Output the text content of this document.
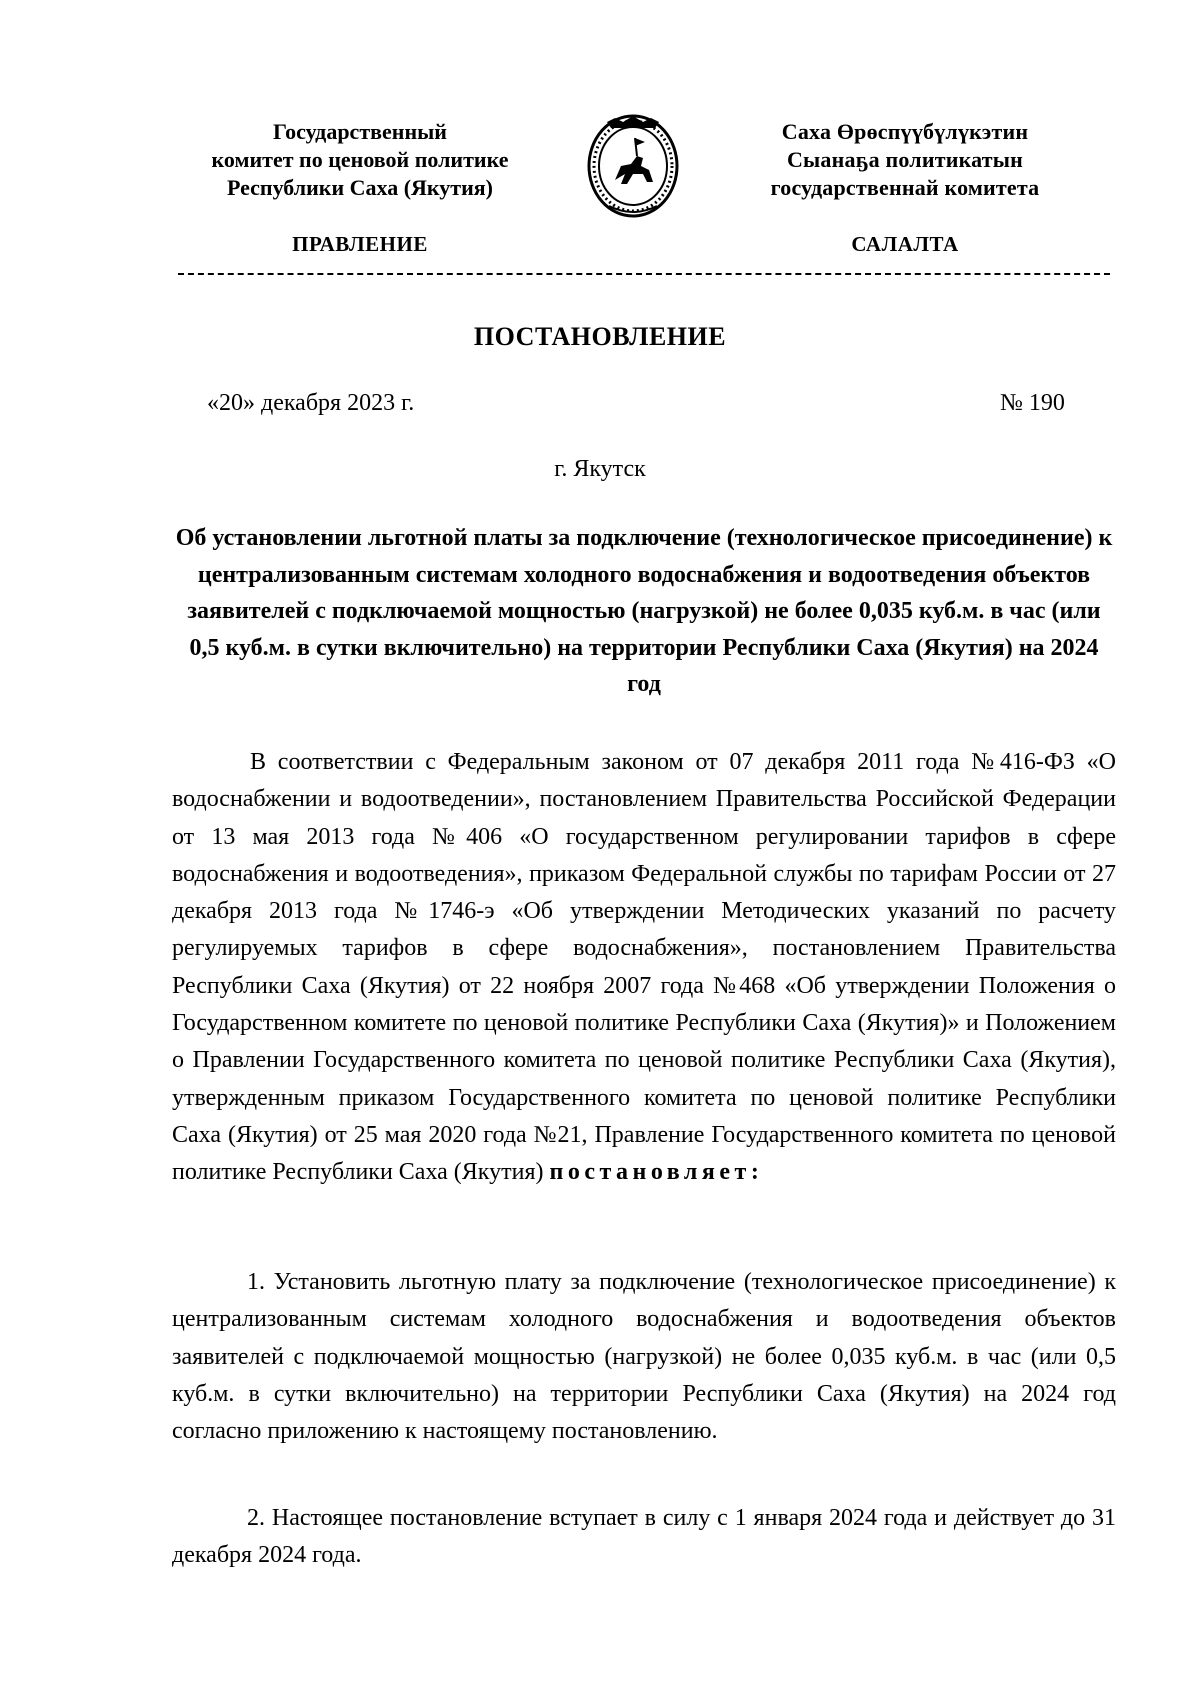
Государственный
комитет по ценовой политике
Республики Саха (Якутия)
Саха Өрөспүүбүлүкэтин
Сыанаҕа политикатын
государственнай комитета
ПРАВЛЕНИЕ	САЛАЛТА
ПОСТАНОВЛЕНИЕ
«20» декабря 2023 г.	№ 190
г. Якутск
Об установлении льготной платы за подключение (технологическое присоединение) к централизованным системам холодного водоснабжения и водоотведения объектов заявителей с подключаемой мощностью (нагрузкой) не более 0,035 куб.м. в час (или 0,5 куб.м. в сутки включительно) на территории Республики Саха (Якутия) на 2024 год
В соответствии с Федеральным законом от 07 декабря 2011 года №416-ФЗ «О водоснабжении и водоотведении», постановлением Правительства Российской Федерации от 13 мая 2013 года №406 «О государственном регулировании тарифов в сфере водоснабжения и водоотведения», приказом Федеральной службы по тарифам России от 27 декабря 2013 года №1746-э «Об утверждении Методических указаний по расчету регулируемых тарифов в сфере водоснабжения», постановлением Правительства Республики Саха (Якутия) от 22 ноября 2007 года №468 «Об утверждении Положения о Государственном комитете по ценовой политике Республики Саха (Якутия)» и Положением о Правлении Государственного комитета по ценовой политике Республики Саха (Якутия), утвержденным приказом Государственного комитета по ценовой политике Республики Саха (Якутия) от 25 мая 2020 года №21, Правление Государственного комитета по ценовой политике Республики Саха (Якутия) постановляет:
1. Установить льготную плату за подключение (технологическое присоединение) к централизованным системам холодного водоснабжения и водоотведения объектов заявителей с подключаемой мощностью (нагрузкой) не более 0,035 куб.м. в час (или 0,5 куб.м. в сутки включительно) на территории Республики Саха (Якутия) на 2024 год согласно приложению к настоящему постановлению.
2. Настоящее постановление вступает в силу с 1 января 2024 года и действует до 31 декабря 2024 года.
